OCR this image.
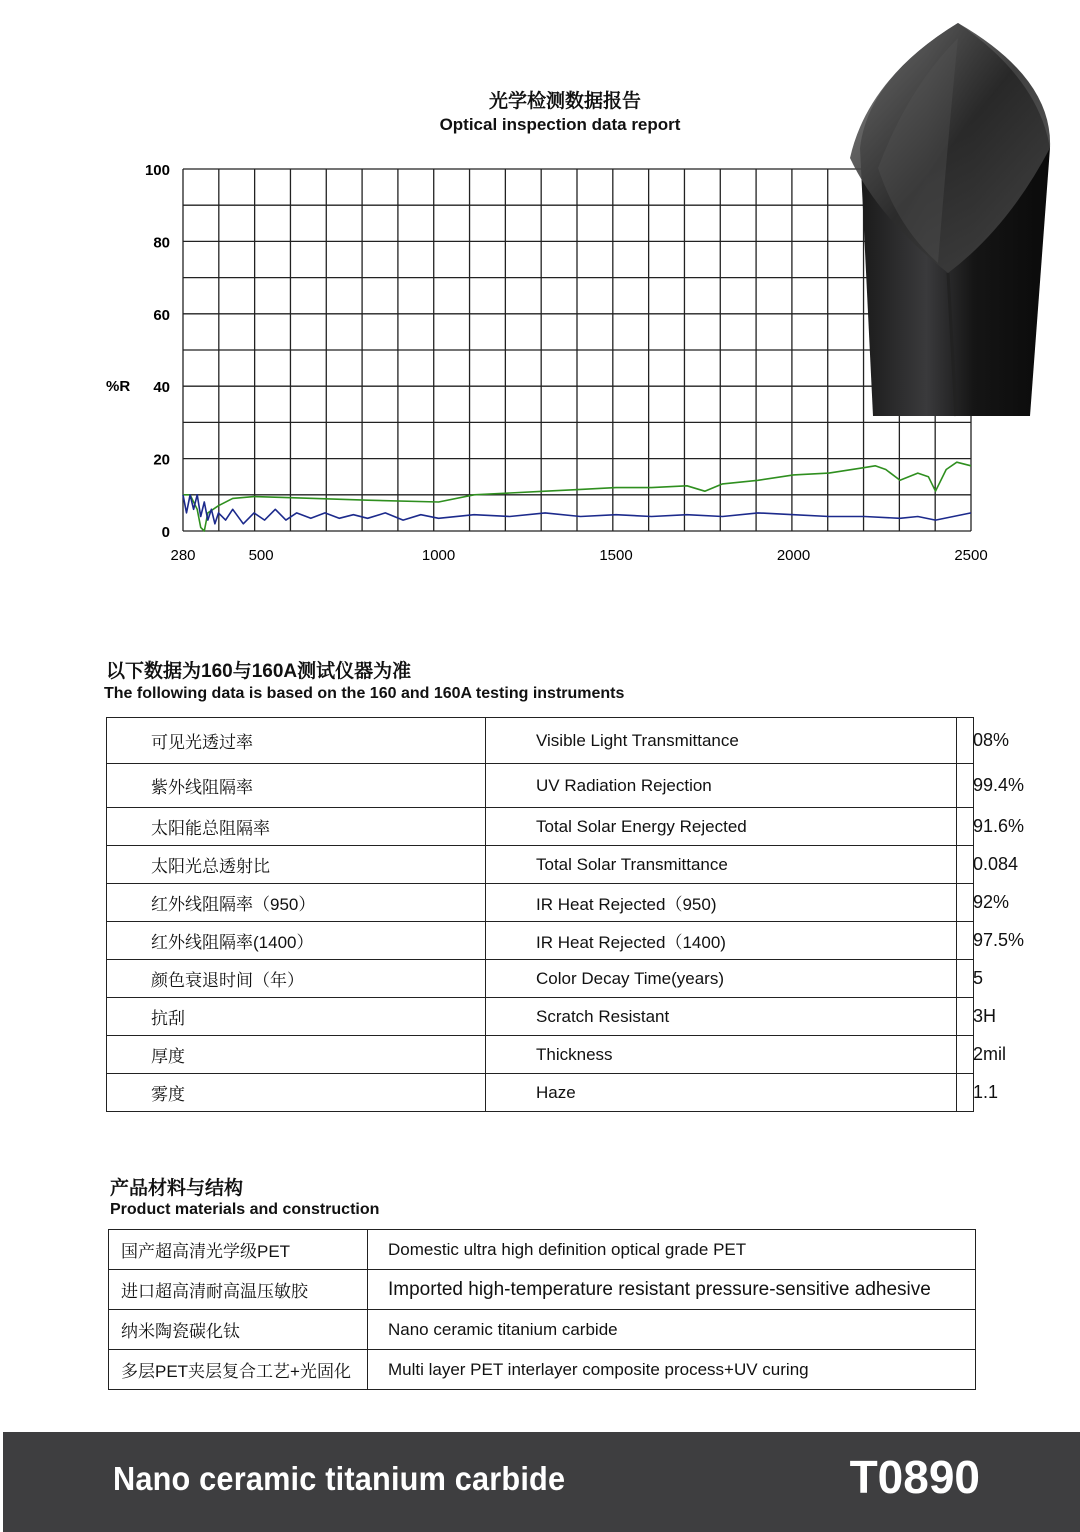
光学检测数据报告
Optical inspection data report
0
20
40
60
80
100
280	500	1000	1500	2000	2500
%R
以下数据为160与160A测试仪器为准
The following data is based on the 160 and 160A testing instruments
可见光透过率	Visible Light Transmittance	08%
紫外线阻隔率	UV Radiation Rejection	99.4%
太阳能总阻隔率	Total Solar Energy Rejected	91.6%
太阳光总透射比	Total Solar Transmittance	0.084
红外线阻隔率（950）	IR Heat Rejected（950)	92%
红外线阻隔率(1400）	IR Heat Rejected（1400)	97.5%
颜色衰退时间（年）	Color Decay Time(years)	5
抗刮	Scratch Resistant	3H
厚度	Thickness	2mil
雾度	Haze	1.1
产品材料与结构
Product materials and construction
国产超高清光学级PET	Domestic ultra high definition optical grade PET
进口超高清耐高温压敏胶	Imported high-temperature resistant pressure-sensitive adhesive
纳米陶瓷碳化钛	Nano ceramic titanium carbide
多层PET夹层复合工艺+光固化	Multi layer PET interlayer composite process+UV curing
Nano ceramic titanium carbide	T0890
